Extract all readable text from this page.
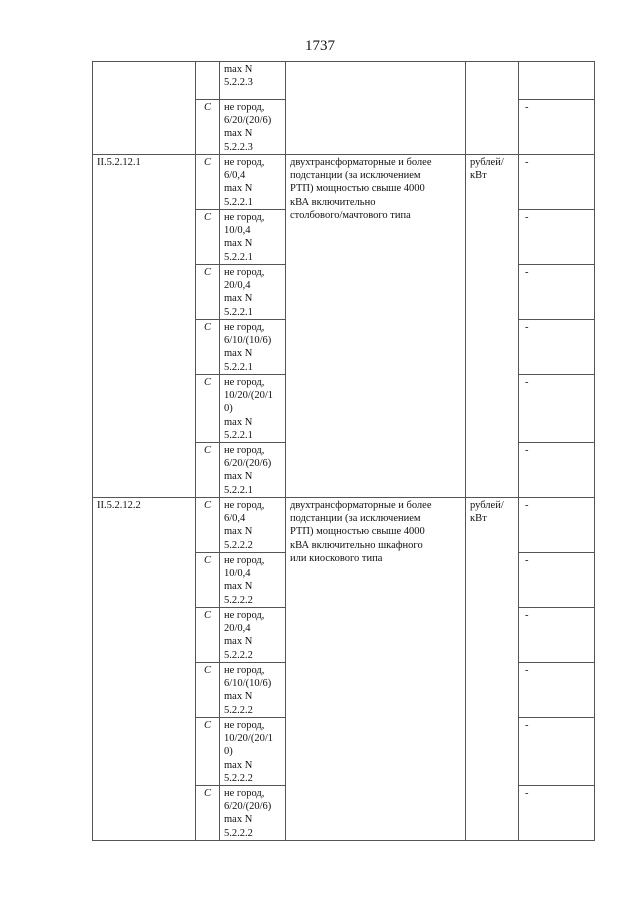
1737

		max N
5.2.2.3			

	C	не город,
6/20/(20/6)
max N
5.2.2.3			-
II.5.2.12.1	C	не город,
6/0,4
max N
5.2.2.1	двухтрансформаторные и более
подстанции (за исключением
РТП) мощностью свыше 4000
кВА включительно
столбового/мачтового типа	рублей/
кВт	-
	C	не город,
10/0,4
max N
5.2.2.1			-
	C	не город,
20/0,4
max N
5.2.2.1			-
	C	не город,
6/10/(10/6)
max N
5.2.2.1			-
	C	не город,
10/20/(20/1
0)
max N
5.2.2.1			-
	C	не город,
6/20/(20/6)
max N
5.2.2.1			-
II.5.2.12.2	C	не город,
6/0,4
max N
5.2.2.2	двухтрансформаторные и более
подстанции (за исключением
РТП) мощностью свыше 4000
кВА включительно шкафного
или киоскового типа	рублей/
кВт	-
	C	не город,
10/0,4
max N
5.2.2.2			-
	C	не город,
20/0,4
max N
5.2.2.2			-
	C	не город,
6/10/(10/6)
max N
5.2.2.2			-
	C	не город,
10/20/(20/1
0)
max N
5.2.2.2			-
	C	не город,
6/20/(20/6)
max N
5.2.2.2			-
